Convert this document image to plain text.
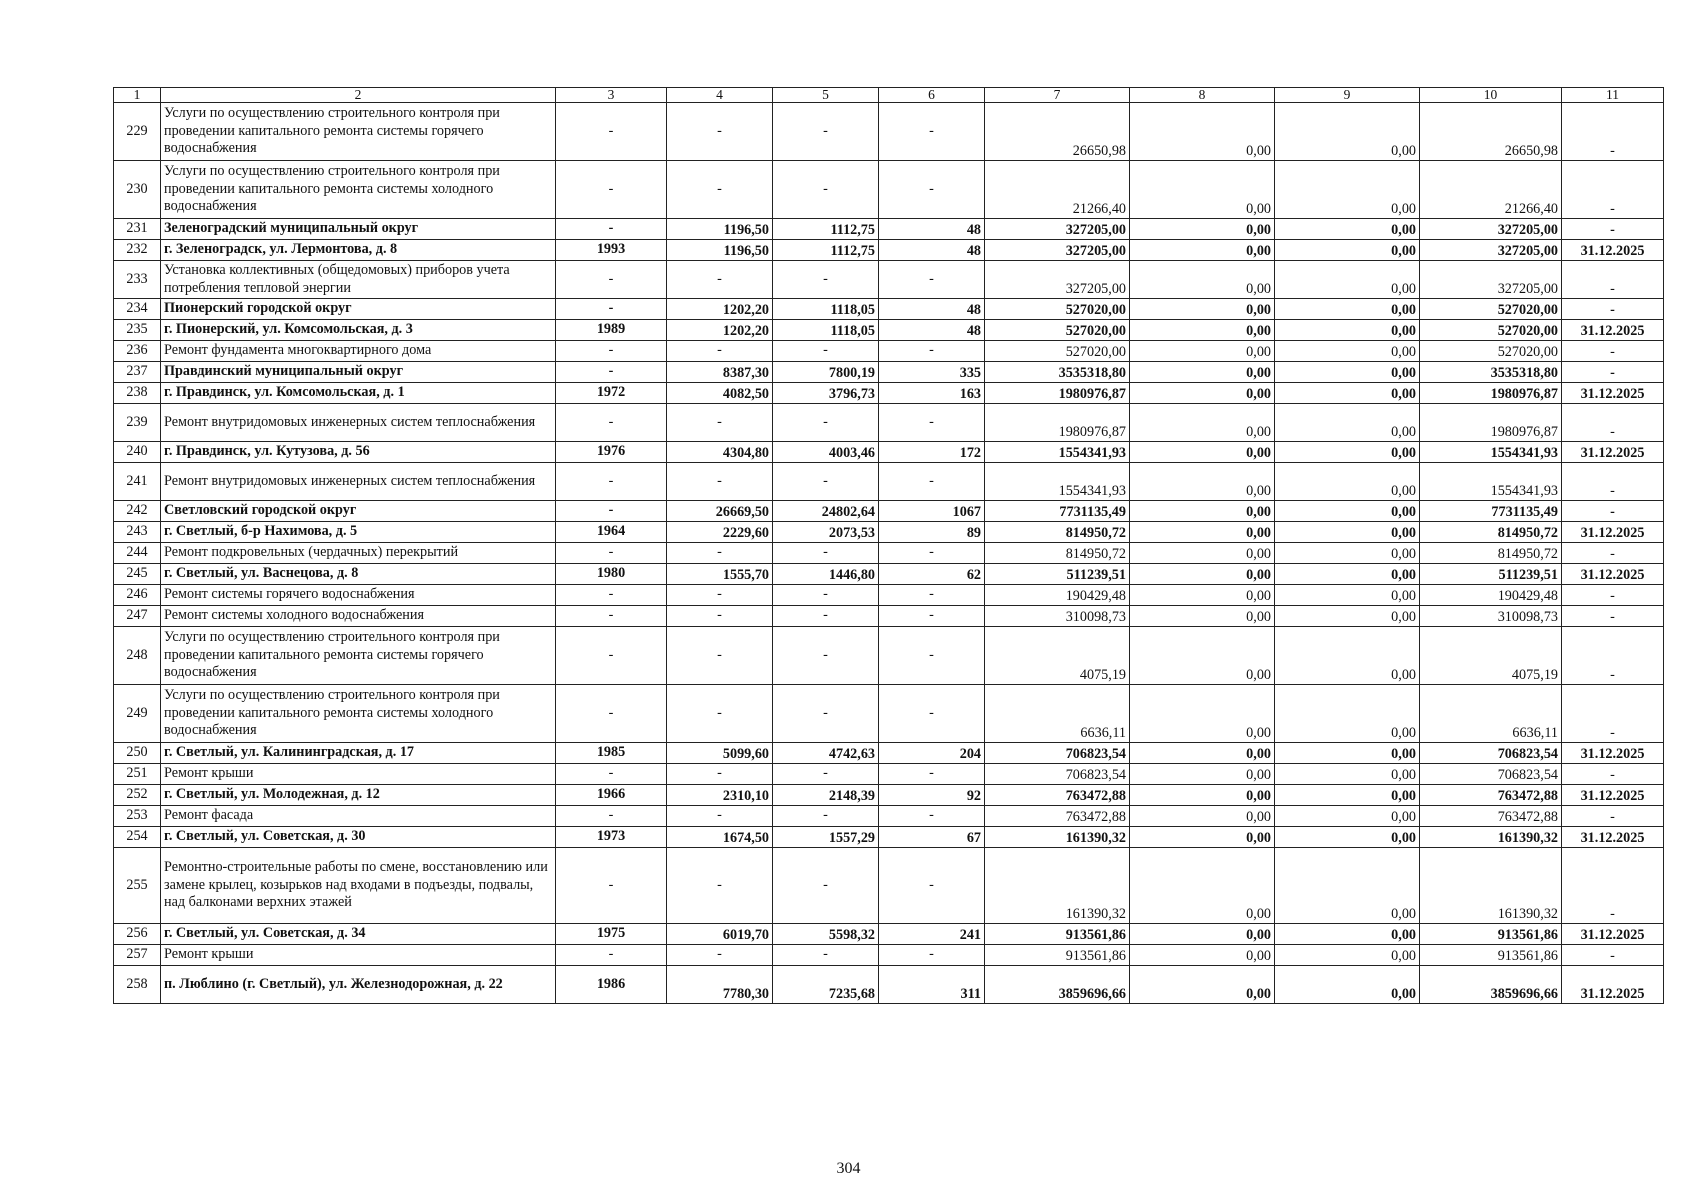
1	2	3	4	5	6	7	8	9	10	11
229	Услуги по осуществлению строительного контроля при проведении капитального ремонта системы горячего водоснабжения	-	-	-	-	26650,98	0,00	0,00	26650,98	-
230	Услуги по осуществлению строительного контроля при проведении капитального ремонта системы холодного водоснабжения	-	-	-	-	21266,40	0,00	0,00	21266,40	-
231	Зеленоградский муниципальный округ	-	1196,50	1112,75	48	327205,00	0,00	0,00	327205,00	-
232	г. Зеленоградск, ул. Лермонтова, д. 8	1993	1196,50	1112,75	48	327205,00	0,00	0,00	327205,00	31.12.2025
233	Установка коллективных (общедомовых) приборов учета потребления тепловой энергии	-	-	-	-	327205,00	0,00	0,00	327205,00	-
234	Пионерский городской округ	-	1202,20	1118,05	48	527020,00	0,00	0,00	527020,00	-
235	г. Пионерский, ул. Комсомольская, д. 3	1989	1202,20	1118,05	48	527020,00	0,00	0,00	527020,00	31.12.2025
236	Ремонт фундамента многоквартирного дома	-	-	-	-	527020,00	0,00	0,00	527020,00	-
237	Правдинский муниципальный округ	-	8387,30	7800,19	335	3535318,80	0,00	0,00	3535318,80	-
238	г. Правдинск, ул. Комсомольская, д. 1	1972	4082,50	3796,73	163	1980976,87	0,00	0,00	1980976,87	31.12.2025
239	Ремонт внутридомовых инженерных систем теплоснабжения	-	-	-	-	1980976,87	0,00	0,00	1980976,87	-
240	г. Правдинск, ул. Кутузова, д. 56	1976	4304,80	4003,46	172	1554341,93	0,00	0,00	1554341,93	31.12.2025
241	Ремонт внутридомовых инженерных систем теплоснабжения	-	-	-	-	1554341,93	0,00	0,00	1554341,93	-
242	Светловский городской округ	-	26669,50	24802,64	1067	7731135,49	0,00	0,00	7731135,49	-
243	г. Светлый, б-р Нахимова, д. 5	1964	2229,60	2073,53	89	814950,72	0,00	0,00	814950,72	31.12.2025
244	Ремонт подкровельных (чердачных) перекрытий	-	-	-	-	814950,72	0,00	0,00	814950,72	-
245	г. Светлый, ул. Васнецова, д. 8	1980	1555,70	1446,80	62	511239,51	0,00	0,00	511239,51	31.12.2025
246	Ремонт системы горячего водоснабжения	-	-	-	-	190429,48	0,00	0,00	190429,48	-
247	Ремонт системы холодного водоснабжения	-	-	-	-	310098,73	0,00	0,00	310098,73	-
248	Услуги по осуществлению строительного контроля при проведении капитального ремонта системы горячего водоснабжения	-	-	-	-	4075,19	0,00	0,00	4075,19	-
249	Услуги по осуществлению строительного контроля при проведении капитального ремонта системы холодного водоснабжения	-	-	-	-	6636,11	0,00	0,00	6636,11	-
250	г. Светлый, ул. Калининградская, д. 17	1985	5099,60	4742,63	204	706823,54	0,00	0,00	706823,54	31.12.2025
251	Ремонт крыши	-	-	-	-	706823,54	0,00	0,00	706823,54	-
252	г. Светлый, ул. Молодежная, д. 12	1966	2310,10	2148,39	92	763472,88	0,00	0,00	763472,88	31.12.2025
253	Ремонт фасада	-	-	-	-	763472,88	0,00	0,00	763472,88	-
254	г. Светлый, ул. Советская, д. 30	1973	1674,50	1557,29	67	161390,32	0,00	0,00	161390,32	31.12.2025
255	Ремонтно-строительные работы по смене, восстановлению или замене крылец, козырьков над входами в подъезды, подвалы, над балконами верхних этажей	-	-	-	-	161390,32	0,00	0,00	161390,32	-
256	г. Светлый, ул. Советская, д. 34	1975	6019,70	5598,32	241	913561,86	0,00	0,00	913561,86	31.12.2025
257	Ремонт крыши	-	-	-	-	913561,86	0,00	0,00	913561,86	-
258	п. Люблино (г. Светлый), ул. Железнодорожная, д. 22	1986	7780,30	7235,68	311	3859696,66	0,00	0,00	3859696,66	31.12.2025
304
